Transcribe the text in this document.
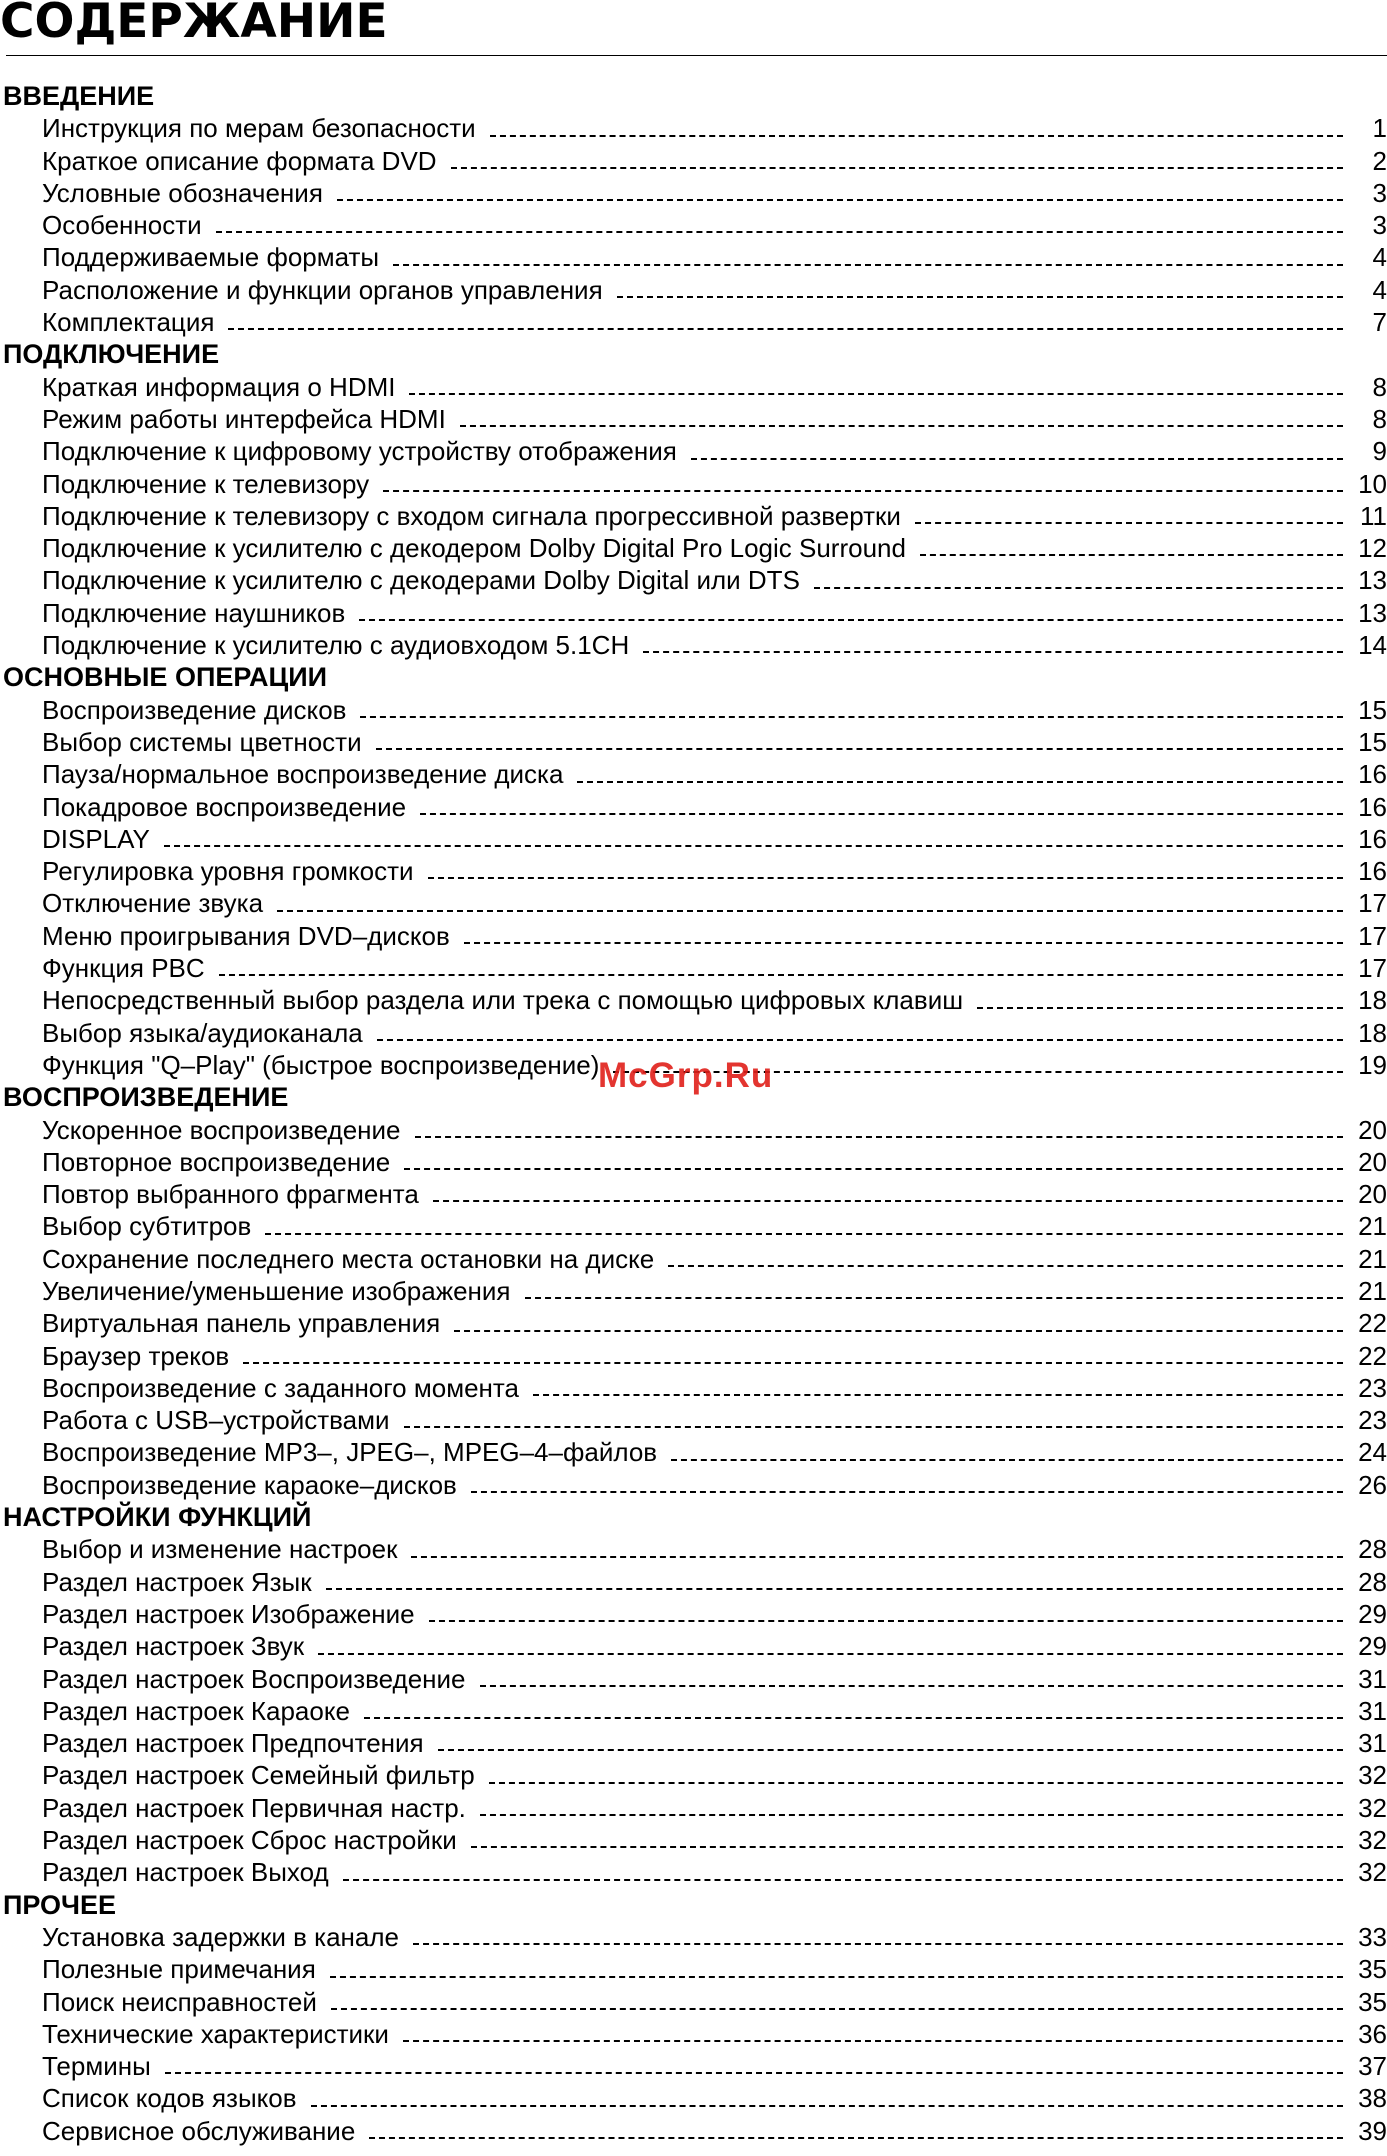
СОДЕРЖАНИЕ
ВВЕДЕНИЕ
Инструкция по мерам безопасности	1
Краткое описание формата DVD	2
Условные обозначения	3
Особенности	3
Поддерживаемые форматы	4
Расположение и функции органов управления	4
Комплектация	7
ПОДКЛЮЧЕНИЕ
Краткая информация о HDMI	8
Режим работы интерфейса HDMI	8
Подключение к цифровому устройству отображения	9
Подключение к телевизору	10
Подключение к телевизору с входом сигнала прогрессивной развертки	11
Подключение к усилителю с декодером Dolby Digital Pro Logic Surround	12
Подключение к усилителю с декодерами Dolby Digital или DTS	13
Подключение наушников	13
Подключение к усилителю с аудиовходом 5.1CH	14
ОСНОВНЫЕ ОПЕРАЦИИ
Воспроизведение дисков	15
Выбор системы цветности	15
Пауза/нормальное воспроизведение диска	16
Покадровое воспроизведение	16
DISPLAY	16
Регулировка уровня громкости	16
Отключение звука	17
Меню проигрывания DVD–дисков	17
Функция PBC	17
Непосредственный выбор раздела или трека с помощью цифровых клавиш	18
Выбор языка/аудиоканала	18
Функция "Q–Play" (быстрое воспроизведение)	19
ВОСПРОИЗВЕДЕНИЕ
Ускоренное воспроизведение	20
Повторное воспроизведение	20
Повтор выбранного фрагмента	20
Выбор субтитров	21
Сохранение последнего места остановки на диске	21
Увеличение/уменьшение изображения	21
Виртуальная панель управления	22
Браузер треков	22
Воспроизведение с заданного момента	23
Работа с USB–устройствами	23
Воспроизведение MP3–, JPEG–, MPEG–4–файлов	24
Воспроизведение караоке–дисков	26
НАСТРОЙКИ ФУНКЦИЙ
Выбор и изменение настроек	28
Раздел настроек Язык	28
Раздел настроек Изображение	29
Раздел настроек Звук	29
Раздел настроек Воспроизведение	31
Раздел настроек Караоке	31
Раздел настроек Предпочтения	31
Раздел настроек Семейный фильтр	32
Раздел настроек Первичная настр.	32
Раздел настроек Сброс настройки	32
Раздел настроек Выход	32
ПРОЧЕЕ
Установка задержки в канале	33
Полезные примечания	35
Поиск неисправностей	35
Технические характеристики	36
Термины	37
Список кодов языков	38
Сервисное обслуживание	39
McGrp.Ru
